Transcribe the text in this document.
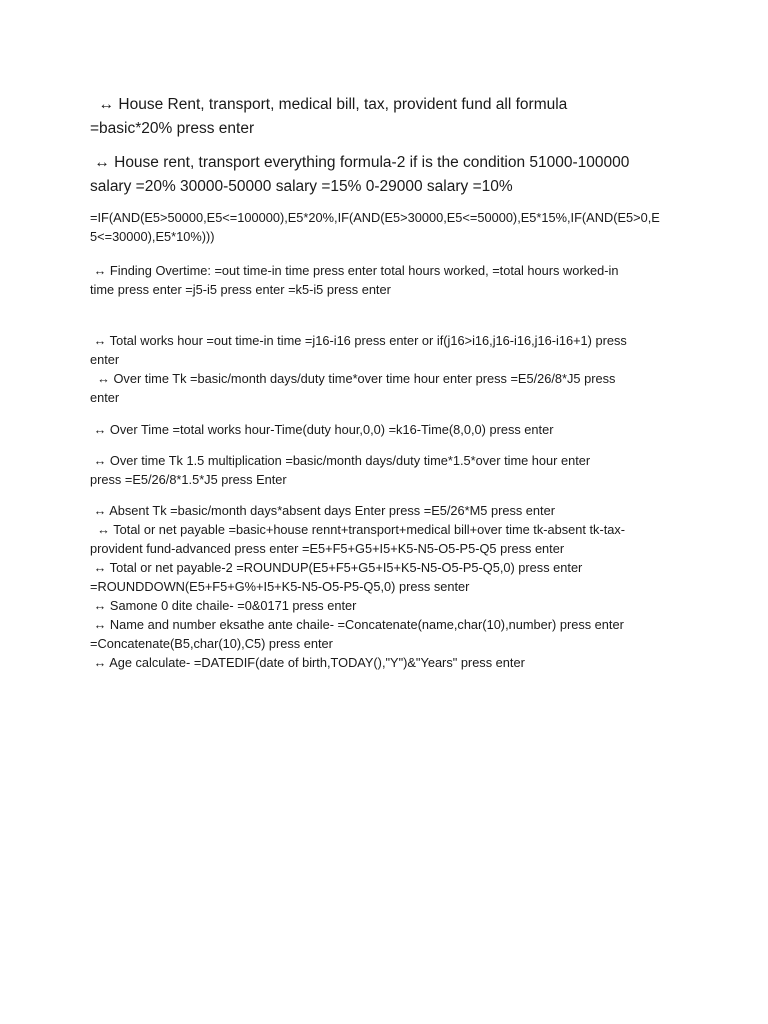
↔ House Rent, transport, medical bill, tax, provident fund all formula
=basic*20% press enter

↔ House rent, transport everything formula-2 if is the condition 51000-100000
salary =20% 30000-50000 salary =15% 0-29000 salary =10%

=IF(AND(E5>50000,E5<=100000),E5*20%,IF(AND(E5>30000,E5<=50000),E5*15%,IF(AND(E5>0,E
5<=30000),E5*10%)))

↔ Finding Overtime: =out time-in time press enter total hours worked, =total hours worked-in
time press enter =j5-i5 press enter =k5-i5 press enter

↔ Total works hour =out time-in time =j16-i16 press enter or if(j16>i16,j16-i16,j16-i16+1) press
enter
↔ Over time Tk =basic/month days/duty time*over time hour enter press =E5/26/8*J5 press
enter

↔ Over Time =total works hour-Time(duty hour,0,0) =k16-Time(8,0,0) press enter

↔ Over time Tk 1.5 multiplication =basic/month days/duty time*1.5*over time hour enter
press =E5/26/8*1.5*J5 press Enter

↔ Absent Tk =basic/month days*absent days Enter press =E5/26*M5 press enter
↔ Total or net payable =basic+house rennt+transport+medical bill+over time tk-absent tk-tax-
provident fund-advanced press enter =E5+F5+G5+I5+K5-N5-O5-P5-Q5 press enter
↔ Total or net payable-2 =ROUNDUP(E5+F5+G5+I5+K5-N5-O5-P5-Q5,0) press enter
=ROUNDDOWN(E5+F5+G%+I5+K5-N5-O5-P5-Q5,0) press senter
↔ Samone 0 dite chaile- =0&0171 press enter
↔ Name and number eksathe ante chaile- =Concatenate(name,char(10),number) press enter
=Concatenate(B5,char(10),C5) press enter
↔ Age calculate- =DATEDIF(date of birth,TODAY(),"Y")&"Years" press enter
